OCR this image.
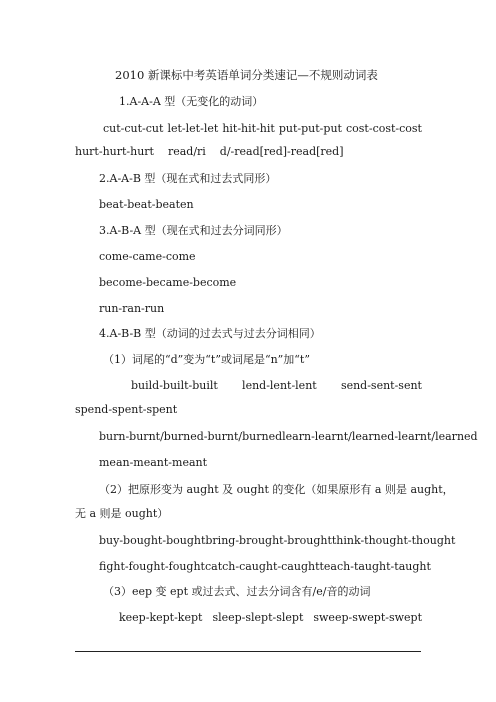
2010 新课标中考英语单词分类速记—不规则动词表
1.A-A-A 型（无变化的动词）
cut-cut-cut let-let-let hit-hit-hit put-put-put cost-cost-cost
hurt-hurt-hurt    read/ri    d/-read[red]-read[red]
2.A-A-B 型（现在式和过去式同形）
beat-beat-beaten
3.A-B-A 型（现在式和过去分词同形）
come-came-come
become-became-become
run-ran-run
4.A-B-B 型（动词的过去式与过去分词相同）
（1）词尾的“d”变为“t”或词尾是“n”加“t”
build-built-built lend-lent-lent send-sent-sent
spend-spent-spent
burn-burnt/burned-burnt/burned learn-learnt/learned-learnt/learned
mean-meant-meant
（2）把原形变为 aught 及 ought 的变化（如果原形有 a 则是 aught，
无 a 则是 ought）
buy-bought-bought bring-brought-brought think-thought-thought
fight-fought-fought catch-caught-caught teach-taught-taught
（3）eep 变 ept 或过去式、过去分词含有/e/音的动词
keep-kept-kept sleep-slept-slept sweep-swept-swept
